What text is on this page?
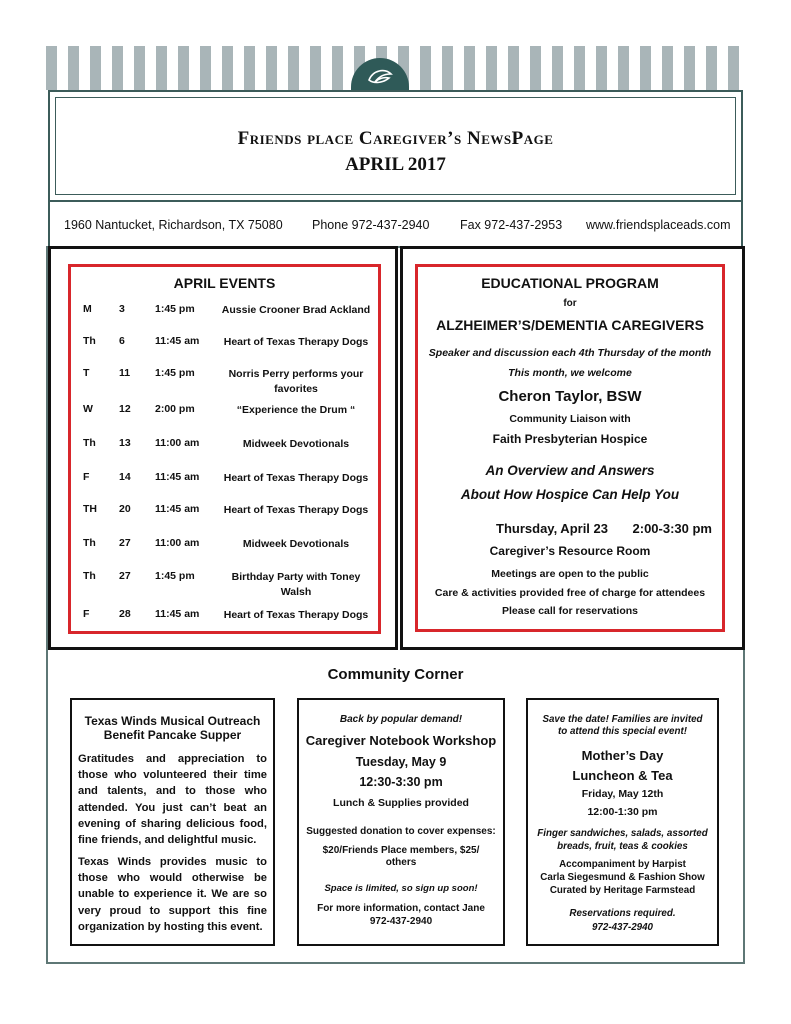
Friends place Caregiver’s NewsPage
APRIL 2017
1960 Nantucket, Richardson, TX 75080 Phone 972-437-2940 Fax 972-437-2953 www.friendsplaceads.com
APRIL EVENTS
M	3	1:45 pm	Aussie Crooner Brad Ackland
Th 6	11:45 am	Heart of Texas Therapy Dogs
T	11 1:45 pm	Norris Perry performs your favorites
W 12 2:00 pm	“Experience the Drum “
Th 13 11:00 am	Midweek Devotionals
F	14 11:45 am	Heart of Texas Therapy Dogs
TH 20 11:45 am	Heart of Texas Therapy Dogs
Th 27 11:00 am	Midweek Devotionals
Th 27 1:45 pm	Birthday Party with Toney Walsh
F	28 11:45 am	Heart of Texas Therapy Dogs
EDUCATIONAL PROGRAM
for
ALZHEIMER’S/DEMENTIA CAREGIVERS
Speaker and discussion each 4th Thursday of the month
This month, we welcome
Cheron Taylor, BSW
Community Liaison with
Faith Presbyterian Hospice
An Overview and Answers
About How Hospice Can Help You
Thursday, April 23	2:00-3:30 pm
Caregiver’s Resource Room
Meetings are open to the public
Care & activities provided free of charge for attendees
Please call for reservations
Community Corner
Texas Winds Musical Outreach
Benefit Pancake Supper
Gratitudes and appreciation to those who volunteered their time and talents, and to those who attended. You just can’t beat an evening of sharing delicious food, fine friends, and delightful music.
Texas Winds provides music to those who would otherwise be unable to experience it. We are so very proud to support this fine organization by hosting this event.
Back by popular demand!
Caregiver Notebook Workshop
Tuesday, May 9
12:30-3:30 pm
Lunch & Supplies provided
Suggested donation to cover expenses:
$20/Friends Place members, $25/
others
Space is limited, so sign up soon!
For more information, contact Jane
972-437-2940
Save the date! Families are invited
to attend this special event!
Mother’s Day
Luncheon & Tea
Friday, May 12th
12:00-1:30 pm
Finger sandwiches, salads, assorted
breads, fruit, teas & cookies
Accompaniment by Harpist
Carla Siegesmund & Fashion Show
Curated by Heritage Farmstead
Reservations required.
972-437-2940
